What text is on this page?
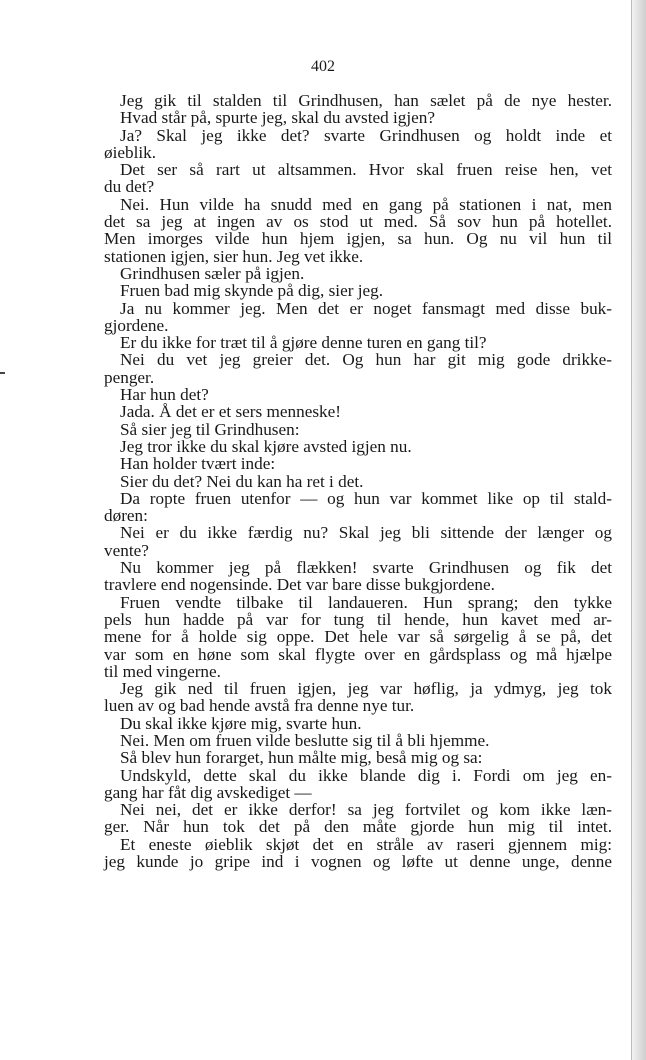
402
Jeg gik til stalden til Grindhusen, han sælet på de nye hester.
Hvad står på, spurte jeg, skal du avsted igjen?
Ja? Skal jeg ikke det? svarte Grindhusen og holdt inde et
øieblik.
Det ser så rart ut altsammen. Hvor skal fruen reise hen, vet
du det?
Nei. Hun vilde ha snudd med en gang på stationen i nat, men
det sa jeg at ingen av os stod ut med. Så sov hun på hotellet.
Men imorges vilde hun hjem igjen, sa hun. Og nu vil hun til
stationen igjen, sier hun. Jeg vet ikke.
Grindhusen sæler på igjen.
Fruen bad mig skynde på dig, sier jeg.
Ja nu kommer jeg. Men det er noget fansmagt med disse buk-
gjordene.
Er du ikke for træt til å gjøre denne turen en gang til?
Nei du vet jeg greier det. Og hun har git mig gode drikke-
penger.
Har hun det?
Jada. Å det er et sers menneske!
Så sier jeg til Grindhusen:
Jeg tror ikke du skal kjøre avsted igjen nu.
Han holder tvært inde:
Sier du det? Nei du kan ha ret i det.
Da ropte fruen utenfor — og hun var kommet like op til stald-
døren:
Nei er du ikke færdig nu? Skal jeg bli sittende der længer og
vente?
Nu kommer jeg på flækken! svarte Grindhusen og fik det
travlere end nogensinde. Det var bare disse bukgjordene.
Fruen vendte tilbake til landaueren. Hun sprang; den tykke
pels hun hadde på var for tung til hende, hun kavet med ar-
mene for å holde sig oppe. Det hele var så sørgelig å se på, det
var som en høne som skal flygte over en gårdsplass og må hjælpe
til med vingerne.
Jeg gik ned til fruen igjen, jeg var høflig, ja ydmyg, jeg tok
luen av og bad hende avstå fra denne nye tur.
Du skal ikke kjøre mig, svarte hun.
Nei. Men om fruen vilde beslutte sig til å bli hjemme.
Så blev hun forarget, hun målte mig, beså mig og sa:
Undskyld, dette skal du ikke blande dig i. Fordi om jeg en-
gang har fåt dig avskediget —
Nei nei, det er ikke derfor! sa jeg fortvilet og kom ikke læn-
ger. Når hun tok det på den måte gjorde hun mig til intet.
Et eneste øieblik skjøt det en stråle av raseri gjennem mig:
jeg kunde jo gripe ind i vognen og løfte ut denne unge, denne
